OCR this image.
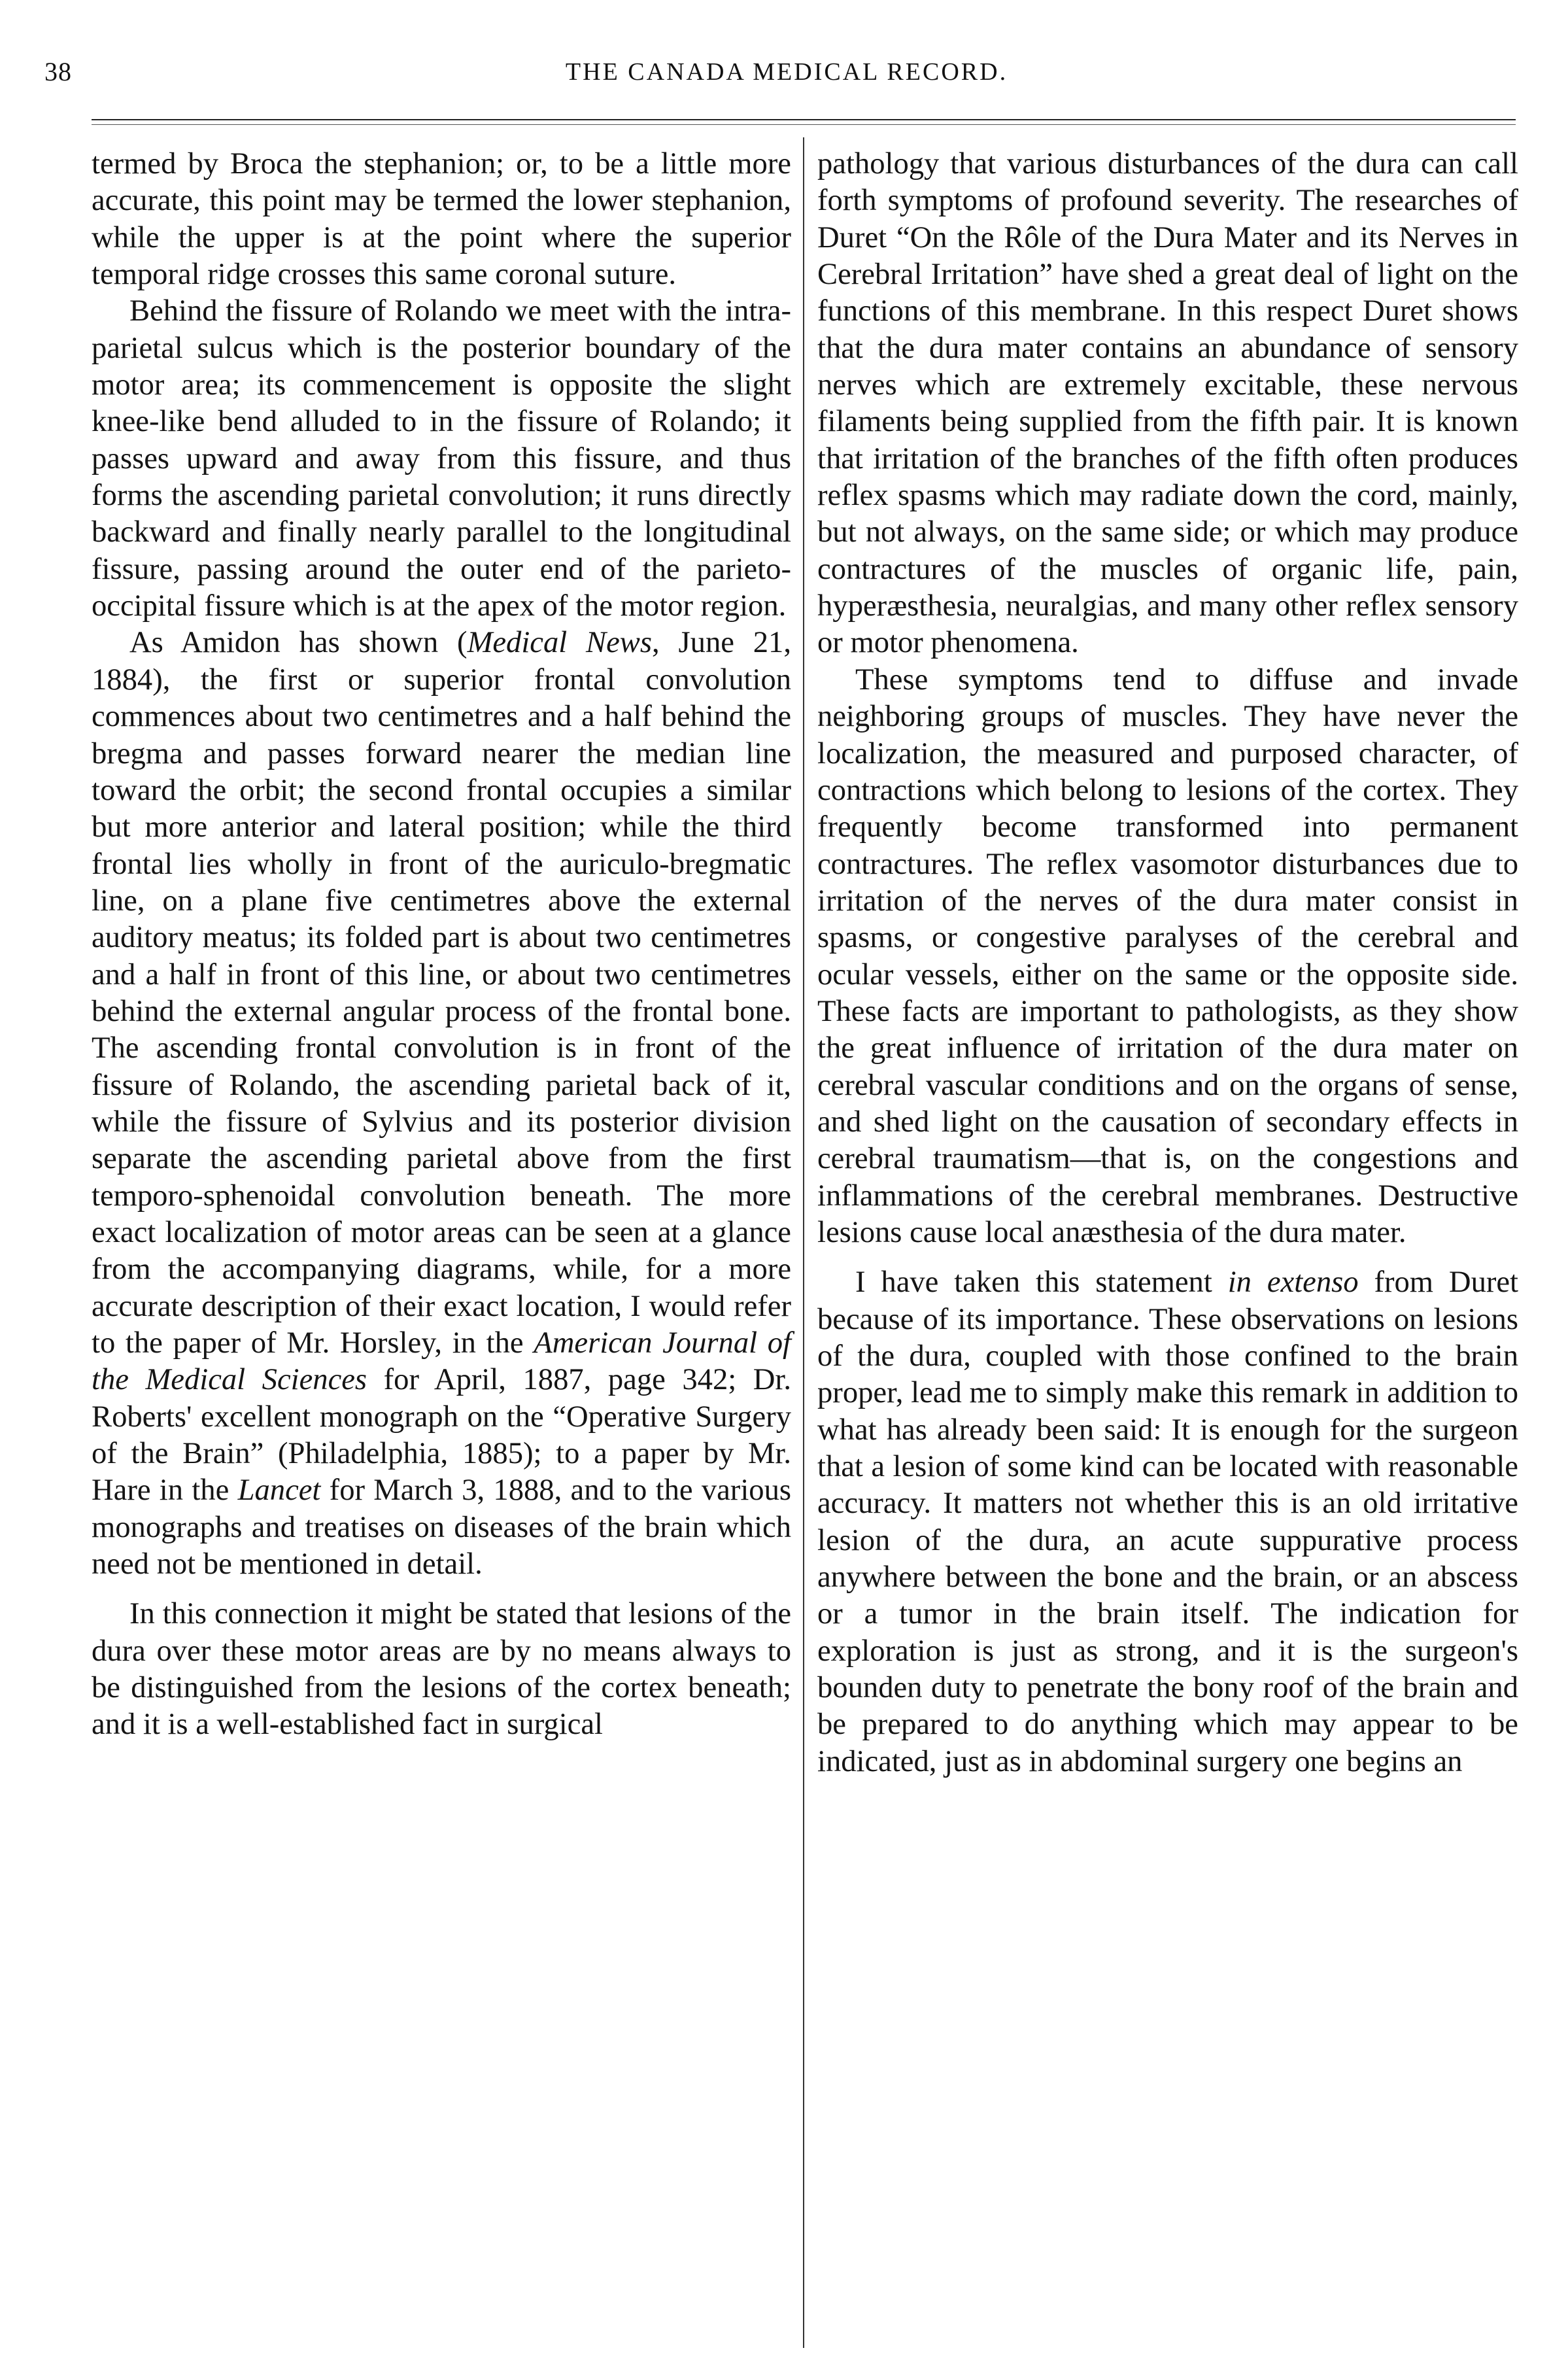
38	THE CANADA MEDICAL RECORD.

termed by Broca the stephanion; or, to be a little more accurate, this point may be termed the lower stephanion, while the upper is at the point where the superior temporal ridge crosses this same coronal suture.

Behind the fissure of Rolando we meet with the intra-parietal sulcus which is the posterior boundary of the motor area; its commencement is opposite the slight knee-like bend alluded to in the fissure of Rolando; it passes upward and away from this fissure, and thus forms the ascending parietal convolution; it runs directly backward and finally nearly parallel to the longitudinal fissure, passing around the outer end of the parieto-occipital fissure which is at the apex of the motor region.

As Amidon has shown (Medical News, June 21, 1884), the first or superior frontal convolution commences about two centimetres and a half behind the bregma and passes forward nearer the median line toward the orbit; the second frontal occupies a similar but more anterior and lateral position; while the third frontal lies wholly in front of the auriculo-bregmatic line, on a plane five centimetres above the external auditory meatus; its folded part is about two centimetres and a half in front of this line, or about two centimetres behind the external angular process of the frontal bone. The ascending frontal convolution is in front of the fissure of Rolando, the ascending parietal back of it, while the fissure of Sylvius and its posterior division separate the ascending parietal above from the first temporo-sphenoidal convolution beneath. The more exact localization of motor areas can be seen at a glance from the accompanying diagrams, while, for a more accurate description of their exact location, I would refer to the paper of Mr. Horsley, in the American Journal of the Medical Sciences for April, 1887, page 342; Dr. Roberts' excellent monograph on the “Operative Surgery of the Brain” (Philadelphia, 1885); to a paper by Mr. Hare in the Lancet for March 3, 1888, and to the various monographs and treatises on diseases of the brain which need not be mentioned in detail.

In this connection it might be stated that lesions of the dura over these motor areas are by no means always to be distinguished from the lesions of the cortex beneath; and it is a well-established fact in surgical

pathology that various disturbances of the dura can call forth symptoms of profound severity. The researches of Duret “On the Rôle of the Dura Mater and its Nerves in Cerebral Irritation” have shed a great deal of light on the functions of this membrane. In this respect Duret shows that the dura mater contains an abundance of sensory nerves which are extremely excitable, these nervous filaments being supplied from the fifth pair. It is known that irritation of the branches of the fifth often produces reflex spasms which may radiate down the cord, mainly, but not always, on the same side; or which may produce contractures of the muscles of organic life, pain, hyperæsthesia, neuralgias, and many other reflex sensory or motor phenomena.

These symptoms tend to diffuse and invade neighboring groups of muscles. They have never the localization, the measured and purposed character, of contractions which belong to lesions of the cortex. They frequently become transformed into permanent contractures. The reflex vasomotor disturbances due to irritation of the nerves of the dura mater consist in spasms, or congestive paralyses of the cerebral and ocular vessels, either on the same or the opposite side. These facts are important to pathologists, as they show the great influence of irritation of the dura mater on cerebral vascular conditions and on the organs of sense, and shed light on the causation of secondary effects in cerebral traumatism—that is, on the congestions and inflammations of the cerebral membranes. Destructive lesions cause local anæsthesia of the dura mater.

I have taken this statement in extenso from Duret because of its importance. These observations on lesions of the dura, coupled with those confined to the brain proper, lead me to simply make this remark in addition to what has already been said: It is enough for the surgeon that a lesion of some kind can be located with reasonable accuracy. It matters not whether this is an old irritative lesion of the dura, an acute suppurative process anywhere between the bone and the brain, or an abscess or a tumor in the brain itself. The indication for exploration is just as strong, and it is the surgeon's bounden duty to penetrate the bony roof of the brain and be prepared to do anything which may appear to be indicated, just as in abdominal surgery one begins an
